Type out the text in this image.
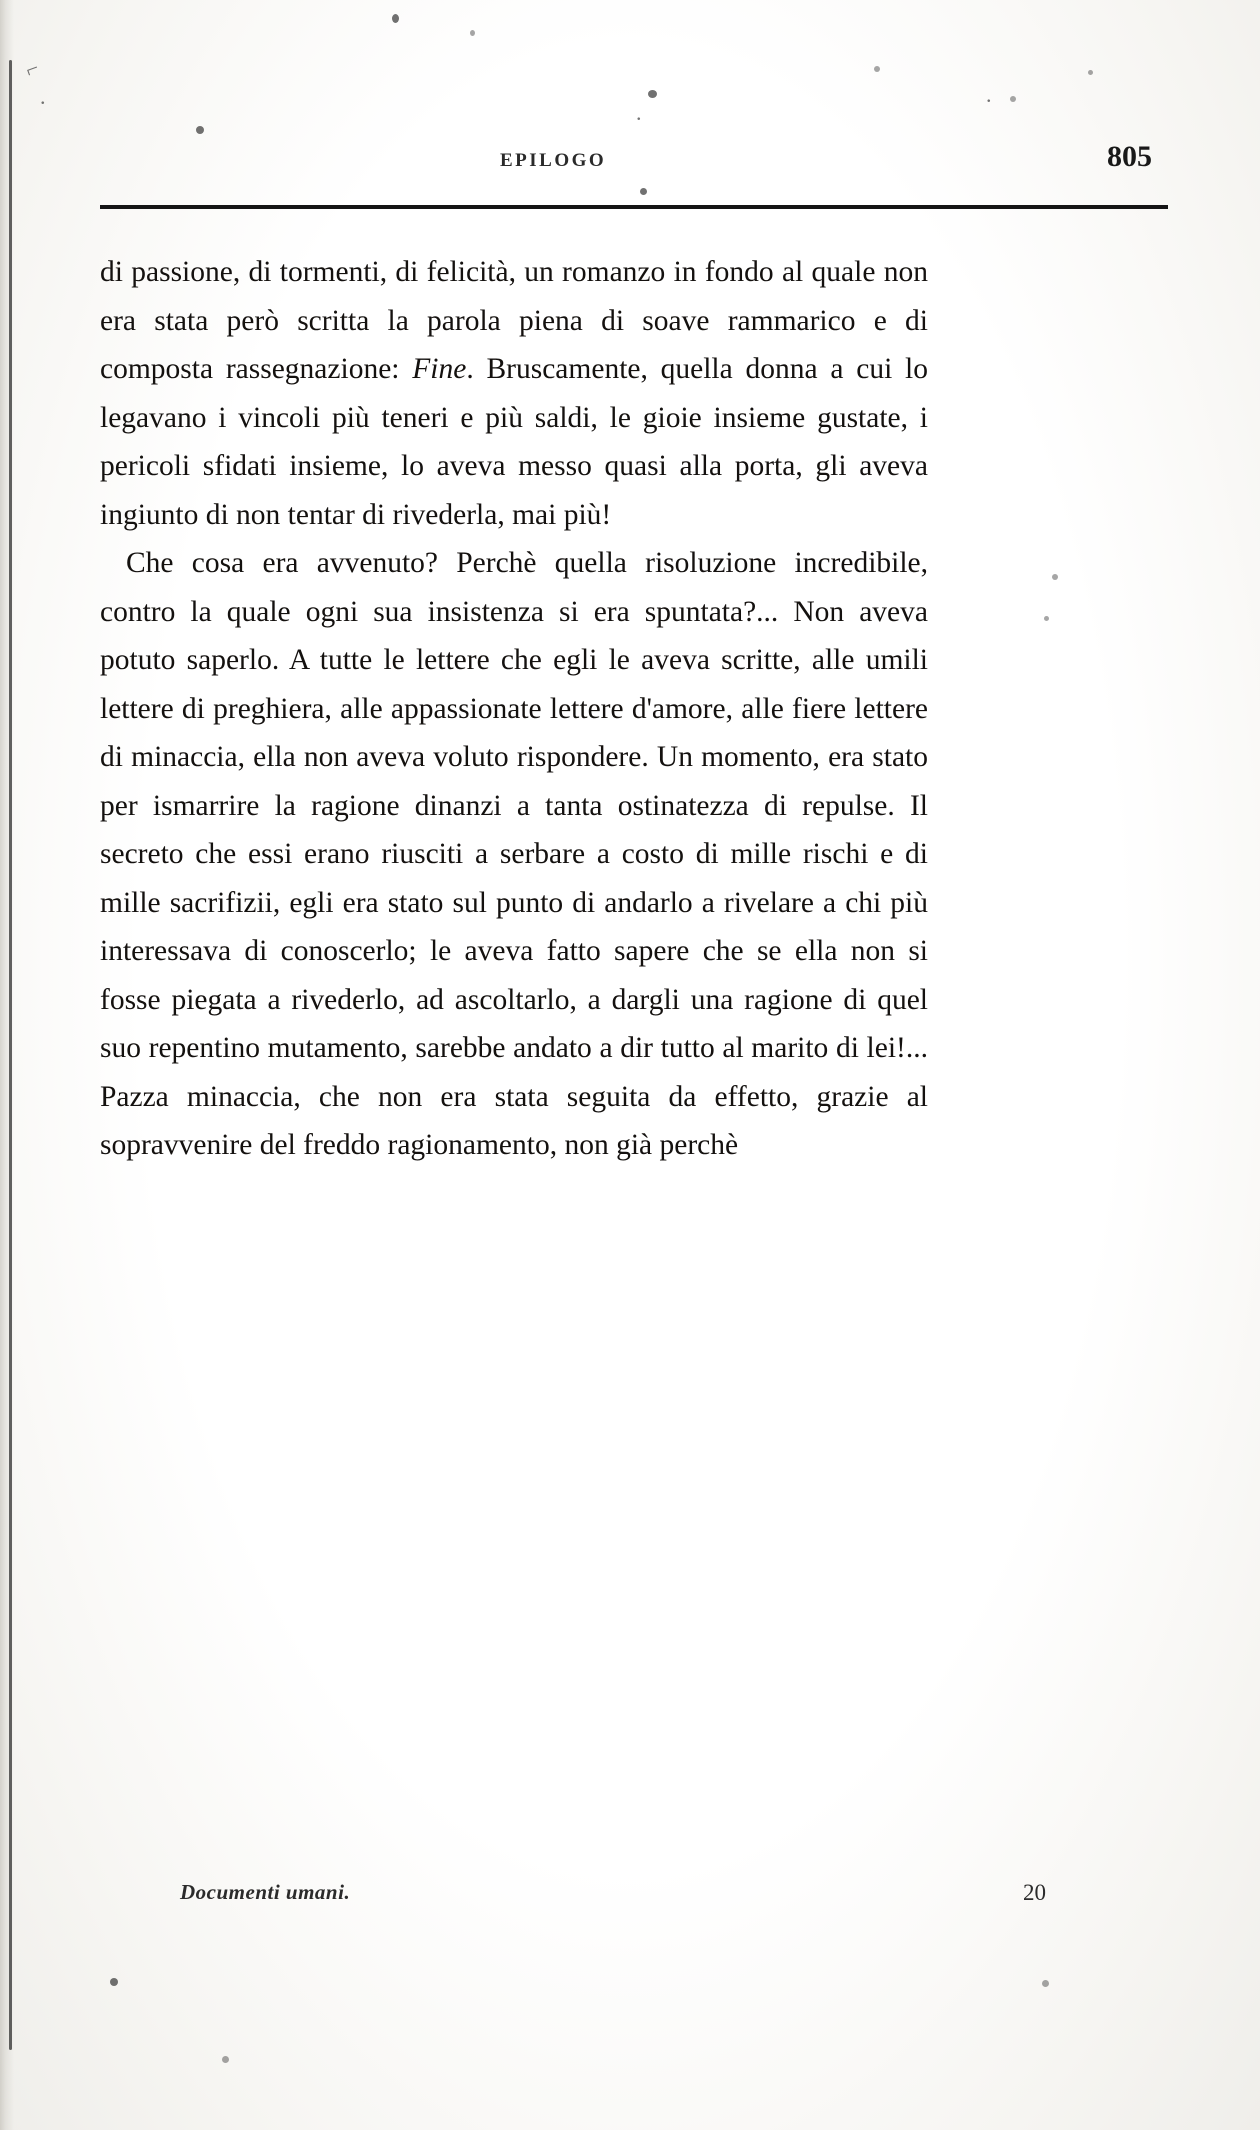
EPILOGO	805

di passione, di tormenti, di felicità, un romanzo in fondo al quale non era stata però scritta la parola piena di soave rammarico e di composta rassegnazione: Fine. Bruscamente, quella donna a cui lo legavano i vincoli più teneri e più saldi, le gioie insieme gustate, i pericoli sfidati insieme, lo aveva messo quasi alla porta, gli aveva ingiunto di non tentar di rivederla, mai più!

Che cosa era avvenuto? Perchè quella risoluzione incredibile, contro la quale ogni sua insistenza si era spuntata?... Non aveva potuto saperlo. A tutte le lettere che egli le aveva scritte, alle umili lettere di preghiera, alle appassionate lettere d'amore, alle fiere lettere di minaccia, ella non aveva voluto rispondere. Un momento, era stato per ismarrire la ragione dinanzi a tanta ostinatezza di repulse. Il secreto che essi erano riusciti a serbare a costo di mille rischi e di mille sacrifizii, egli era stato sul punto di andarlo a rivelare a chi più interessava di conoscerlo; le aveva fatto sapere che se ella non si fosse piegata a rivederlo, ad ascoltarlo, a dargli una ragione di quel suo repentino mutamento, sarebbe andato a dir tutto al marito di lei!... Pazza minaccia, che non era stata seguita da effetto, grazie al sopravvenire del freddo ragionamento, non già perchè

Documenti umani.	20
⌐
.
.
.
